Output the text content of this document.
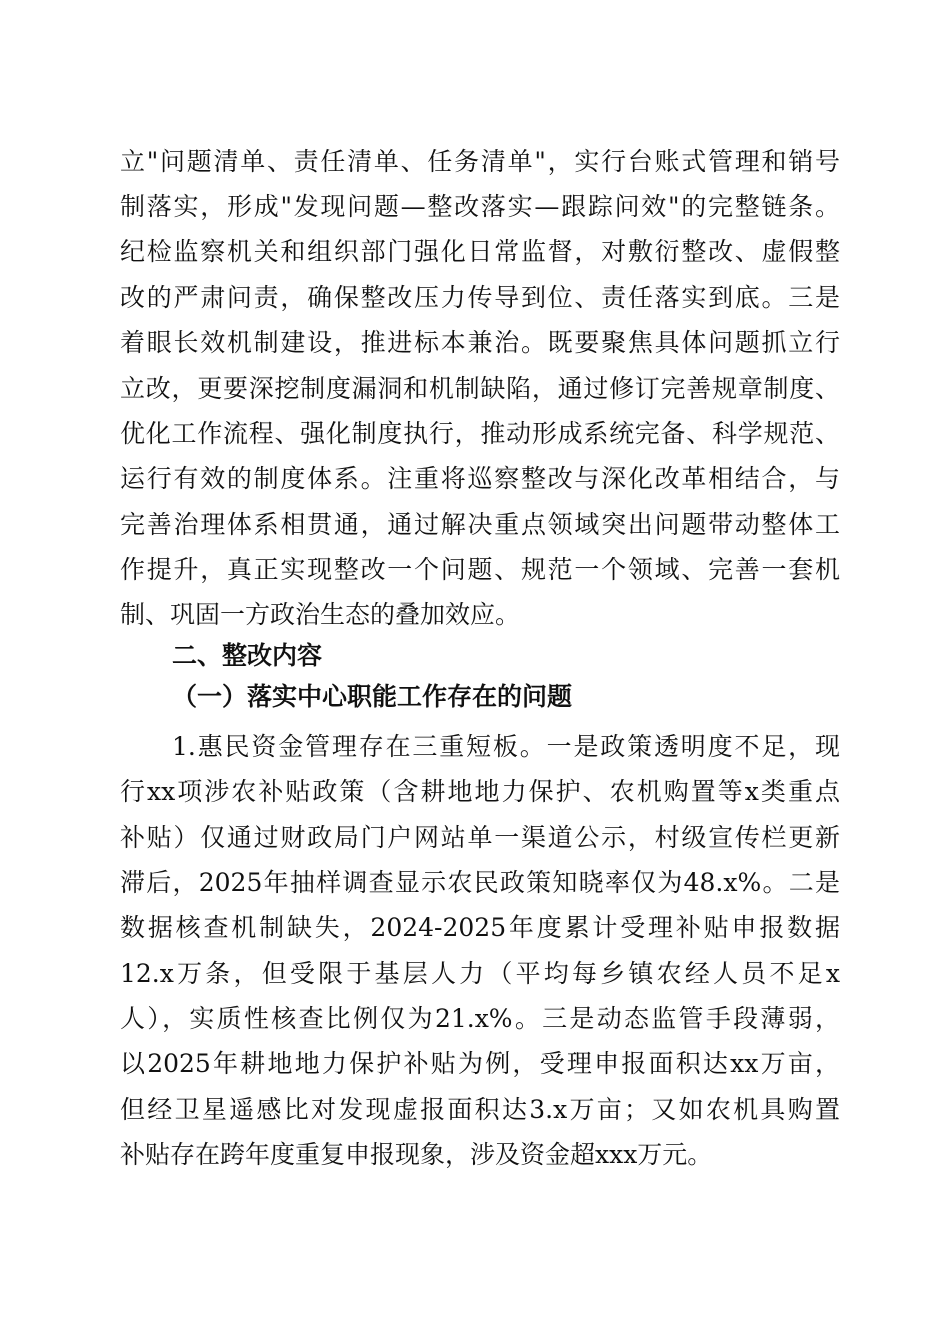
立"问题清单、责任清单、任务清单"，实行台账式管理和销号
制落实，形成"发现问题—整改落实—跟踪问效"的完整链条。
纪检监察机关和组织部门强化日常监督，对敷衍整改、虚假整
改的严肃问责，确保整改压力传导到位、责任落实到底。三是
着眼长效机制建设，推进标本兼治。既要聚焦具体问题抓立行
立改，更要深挖制度漏洞和机制缺陷，通过修订完善规章制度、
优化工作流程、强化制度执行，推动形成系统完备、科学规范、
运行有效的制度体系。注重将巡察整改与深化改革相结合，与
完善治理体系相贯通，通过解决重点领域突出问题带动整体工
作提升，真正实现整改一个问题、规范一个领域、完善一套机
制、巩固一方政治生态的叠加效应。
二、整改内容
（一）落实中心职能工作存在的问题
1.惠民资金管理存在三重短板。一是政策透明度不足，现
行xx项涉农补贴政策（含耕地地力保护、农机购置等x类重点
补贴）仅通过财政局门户网站单一渠道公示，村级宣传栏更新
滞后，2025年抽样调查显示农民政策知晓率仅为48.x%。二是
数据核查机制缺失，2024-2025年度累计受理补贴申报数据
12.x万条，但受限于基层人力（平均每乡镇农经人员不足x
人），实质性核查比例仅为21.x%。三是动态监管手段薄弱，
以2025年耕地地力保护补贴为例，受理申报面积达xx万亩，
但经卫星遥感比对发现虚报面积达3.x万亩；又如农机具购置
补贴存在跨年度重复申报现象，涉及资金超xxx万元。
